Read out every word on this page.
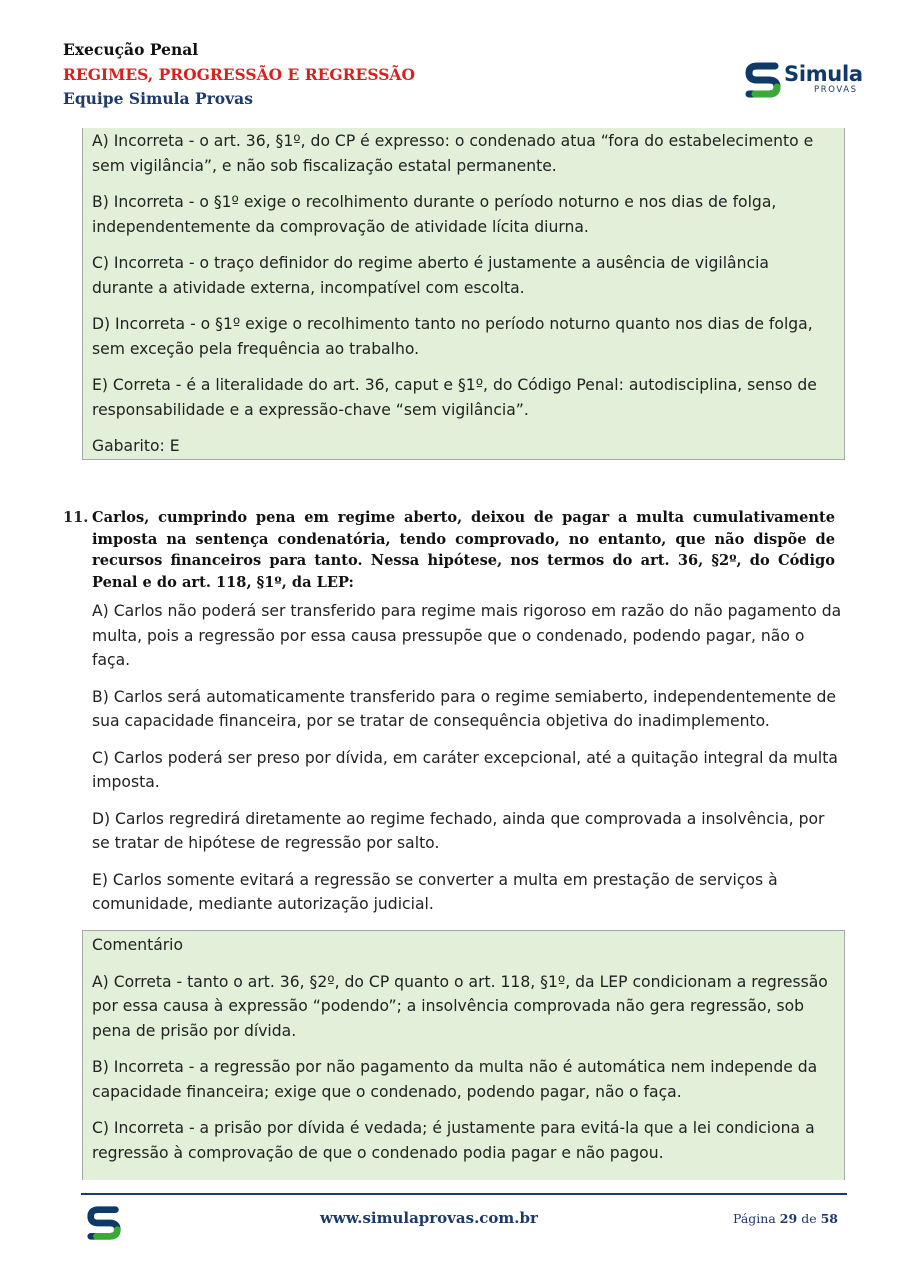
Execução Penal
REGIMES, PROGRESSÃO E REGRESSÃO
Equipe Simula Provas
Simula
PROVAS

A) Incorreta - o art. 36, §1º, do CP é expresso: o condenado atua “fora do estabelecimento e sem vigilância”, e não sob fiscalização estatal permanente.

B) Incorreta - o §1º exige o recolhimento durante o período noturno e nos dias de folga, independentemente da comprovação de atividade lícita diurna.

C) Incorreta - o traço definidor do regime aberto é justamente a ausência de vigilância durante a atividade externa, incompatível com escolta.

D) Incorreta - o §1º exige o recolhimento tanto no período noturno quanto nos dias de folga, sem exceção pela frequência ao trabalho.

E) Correta - é a literalidade do art. 36, caput e §1º, do Código Penal: autodisciplina, senso de responsabilidade e a expressão-chave “sem vigilância”.

Gabarito: E

11. Carlos, cumprindo pena em regime aberto, deixou de pagar a multa cumulativamente imposta na sentença condenatória, tendo comprovado, no entanto, que não dispõe de recursos financeiros para tanto. Nessa hipótese, nos termos do art. 36, §2º, do Código Penal e do art. 118, §1º, da LEP:

A) Carlos não poderá ser transferido para regime mais rigoroso em razão do não pagamento da multa, pois a regressão por essa causa pressupõe que o condenado, podendo pagar, não o faça.

B) Carlos será automaticamente transferido para o regime semiaberto, independentemente de sua capacidade financeira, por se tratar de consequência objetiva do inadimplemento.

C) Carlos poderá ser preso por dívida, em caráter excepcional, até a quitação integral da multa imposta.

D) Carlos regredirá diretamente ao regime fechado, ainda que comprovada a insolvência, por se tratar de hipótese de regressão por salto.

E) Carlos somente evitará a regressão se converter a multa em prestação de serviços à comunidade, mediante autorização judicial.

Comentário

A) Correta - tanto o art. 36, §2º, do CP quanto o art. 118, §1º, da LEP condicionam a regressão por essa causa à expressão “podendo”; a insolvência comprovada não gera regressão, sob pena de prisão por dívida.

B) Incorreta - a regressão por não pagamento da multa não é automática nem independe da capacidade financeira; exige que o condenado, podendo pagar, não o faça.

C) Incorreta - a prisão por dívida é vedada; é justamente para evitá-la que a lei condiciona a regressão à comprovação de que o condenado podia pagar e não pagou.

www.simulaprovas.com.br	Página 29 de 58
